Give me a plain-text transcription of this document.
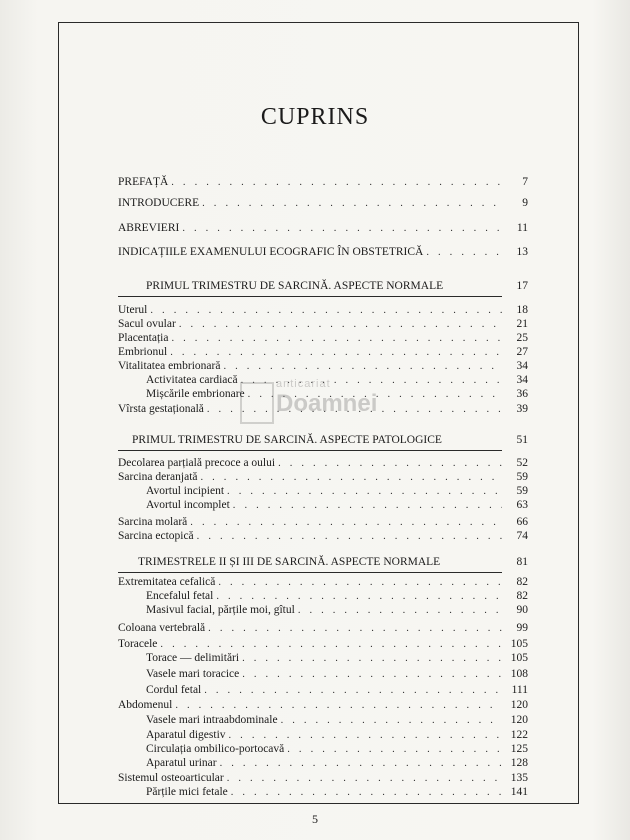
CUPRINS
PREFAȚĂ . . .	7
INTRODUCERE . . .	9
ABREVIERI . . .	11
INDICAȚIILE EXAMENULUI ECOGRAFIC ÎN OBSTETRICĂ . . .	13
PRIMUL TRIMESTRU DE SARCINĂ. ASPECTE NORMALE	17
Uterul . . .	18
Sacul ovular . . .	21
Placentația . . .	25
Embrionul . . .	27
Vitalitatea embrionară . . .	34
Activitatea cardiacă . . .	34
Mișcările embrionare . . .	36
Vîrsta gestațională . . .	39
PRIMUL TRIMESTRU DE SARCINĂ. ASPECTE PATOLOGICE	51
Decolarea parțială precoce a oului . . .	52
Sarcina deranjată . . .	59
Avortul incipient . . .	59
Avortul incomplet . . .	63
Sarcina molară . . .	66
Sarcina ectopică . . .	74
TRIMESTRELE II ȘI III DE SARCINĂ. ASPECTE NORMALE	81
Extremitatea cefalică . . .	82
Encefalul fetal . . .	82
Masivul facial, părțile moi, gîtul . . .	90
Coloana vertebrală . . .	99
Toracele . . .	105
Torace — delimitări . . .	105
Vasele mari toracice . . .	108
Cordul fetal . . .	111
Abdomenul . . .	120
Vasele mari intraabdominale . . .	120
Aparatul digestiv . . .	122
Circulația ombilico-portocavă . . .	125
Aparatul urinar . . .	128
Sistemul osteoarticular . . .	135
Părțile mici fetale . . .	141
anticariat
Doamnei
5
